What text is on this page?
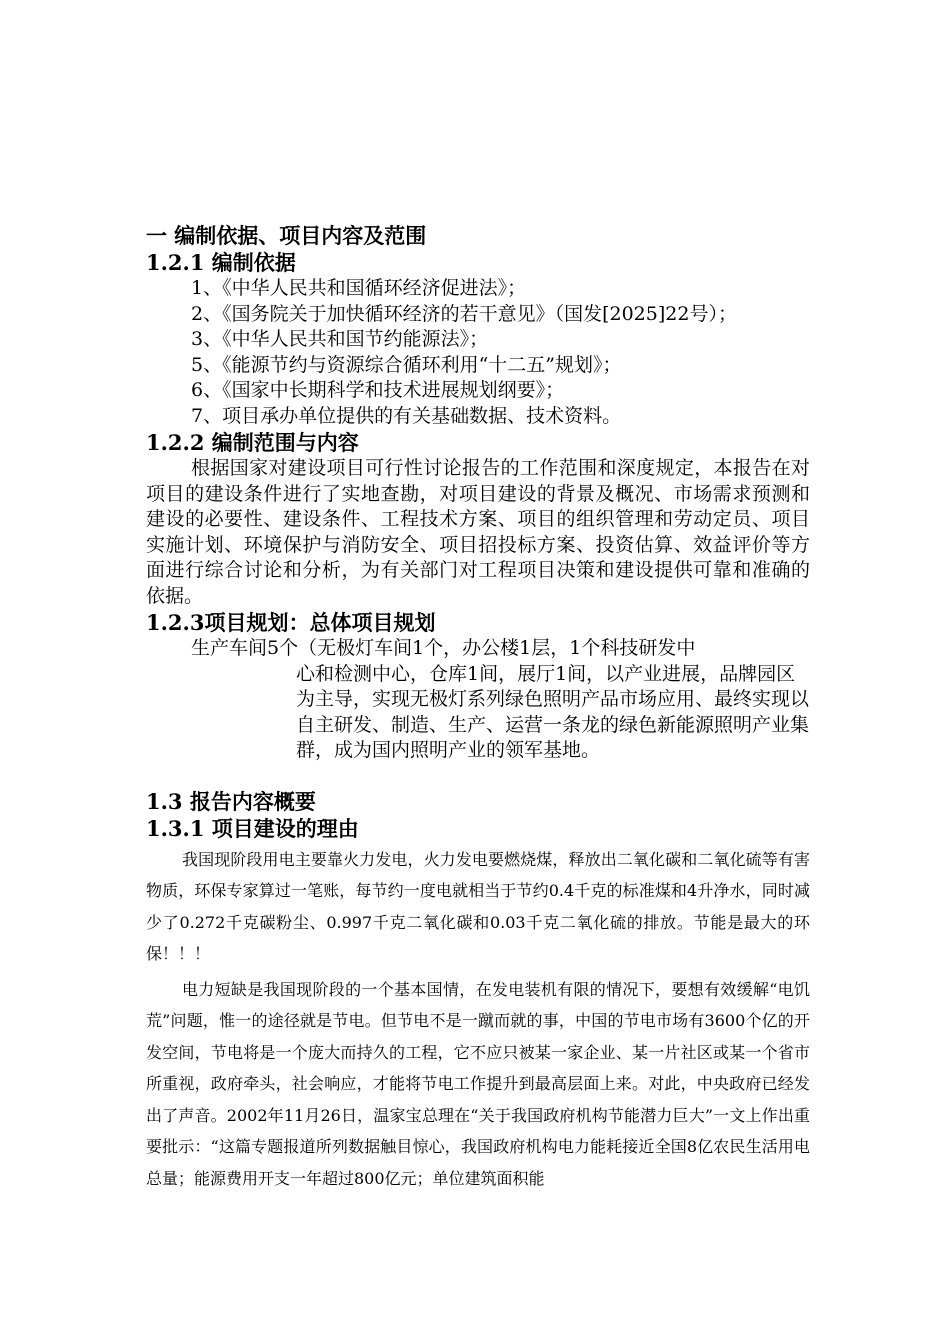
一 编制依据、项目内容及范围

1.2.1 编制依据

1、《中华人民共和国循环经济促进法》；

2、《国务院关于加快循环经济的若干意见》（国发[2025]22号）；

3、《中华人民共和国节约能源法》；

5、《能源节约与资源综合循环利用“十二五”规划》；

6、《国家中长期科学和技术进展规划纲要》；

7、项目承办单位提供的有关基础数据、技术资料。

1.2.2 编制范围与内容

根据国家对建设项目可行性讨论报告的工作范围和深度规定，本报告在对项目的建设条件进行了实地查勘，对项目建设的背景及概况、市场需求预测和建设的必要性、建设条件、工程技术方案、项目的组织管理和劳动定员、项目实施计划、环境保护与消防安全、项目招投标方案、投资估算、效益评价等方面进行综合讨论和分析，为有关部门对工程项目决策和建设提供可靠和准确的依据。

1.2.3项目规划：总体项目规划

生产车间5个（无极灯车间1个，办公楼1层，1个科技研发中
心和检测中心，仓库1间，展厅1间，以产业进展，品牌园区为主导，实现无极灯系列绿色照明产品市场应用、最终实现以自主研发、制造、生产、运营一条龙的绿色新能源照明产业集群，成为国内照明产业的领军基地。

1.3 报告内容概要

1.3.1 项目建设的理由

我国现阶段用电主要靠火力发电，火力发电要燃烧煤，释放出二氧化碳和二氧化硫等有害物质，环保专家算过一笔账，每节约一度电就相当于节约0.4千克的标准煤和4升净水，同时减少了0.272千克碳粉尘、0.997千克二氧化碳和0.03千克二氧化硫的排放。节能是最大的环保！！！

电力短缺是我国现阶段的一个基本国情，在发电装机有限的情况下，要想有效缓解“电饥荒”问题，惟一的途径就是节电。但节电不是一蹴而就的事，中国的节电市场有3600个亿的开发空间，节电将是一个庞大而持久的工程，它不应只被某一家企业、某一片社区或某一个省市所重视，政府牵头，社会响应，才能将节电工作提升到最高层面上来。对此，中央政府已经发出了声音。2002年11月26日，温家宝总理在“关于我国政府机构节能潜力巨大”一文上作出重要批示：“这篇专题报道所列数据触目惊心，我国政府机构电力能耗接近全国8亿农民生活用电总量；能源费用开支一年超过800亿元；单位建筑面积能
